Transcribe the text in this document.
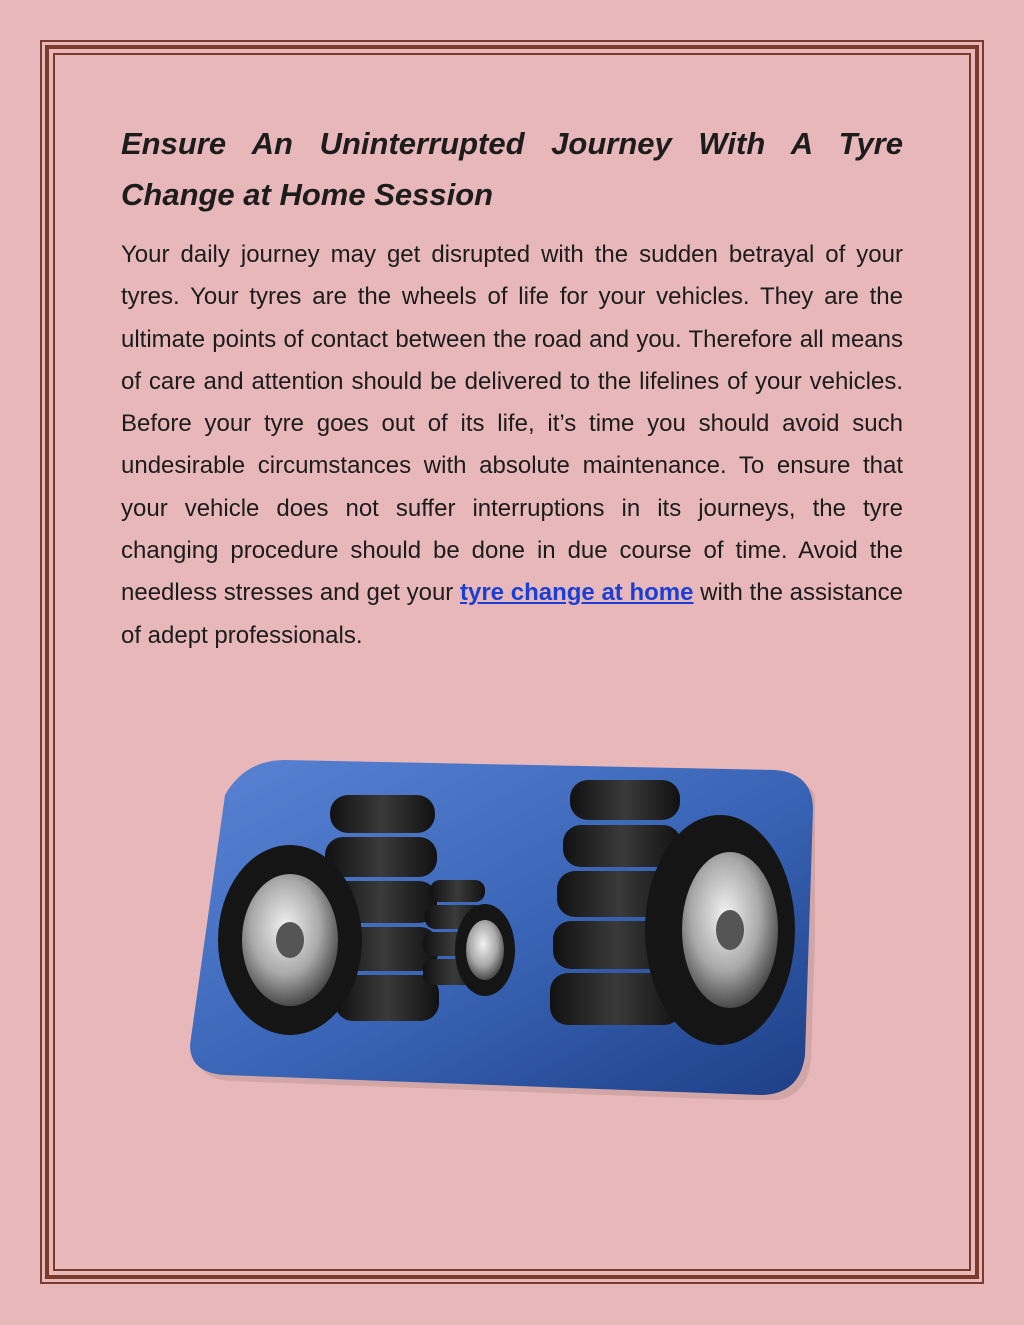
Ensure An Uninterrupted Journey With A Tyre
Change at Home Session

Your daily journey may get disrupted with the sudden betrayal of your tyres. Your tyres are the wheels of life for your vehicles. They are the ultimate points of contact between the road and you. Therefore all means of care and attention should be delivered to the lifelines of your vehicles. Before your tyre goes out of its life, it’s time you should avoid such undesirable circumstances with absolute maintenance. To ensure that your vehicle does not suffer interruptions in its journeys, the tyre changing procedure should be done in due course of time. Avoid the needless stresses and get your tyre change at home with the assistance of adept professionals.
